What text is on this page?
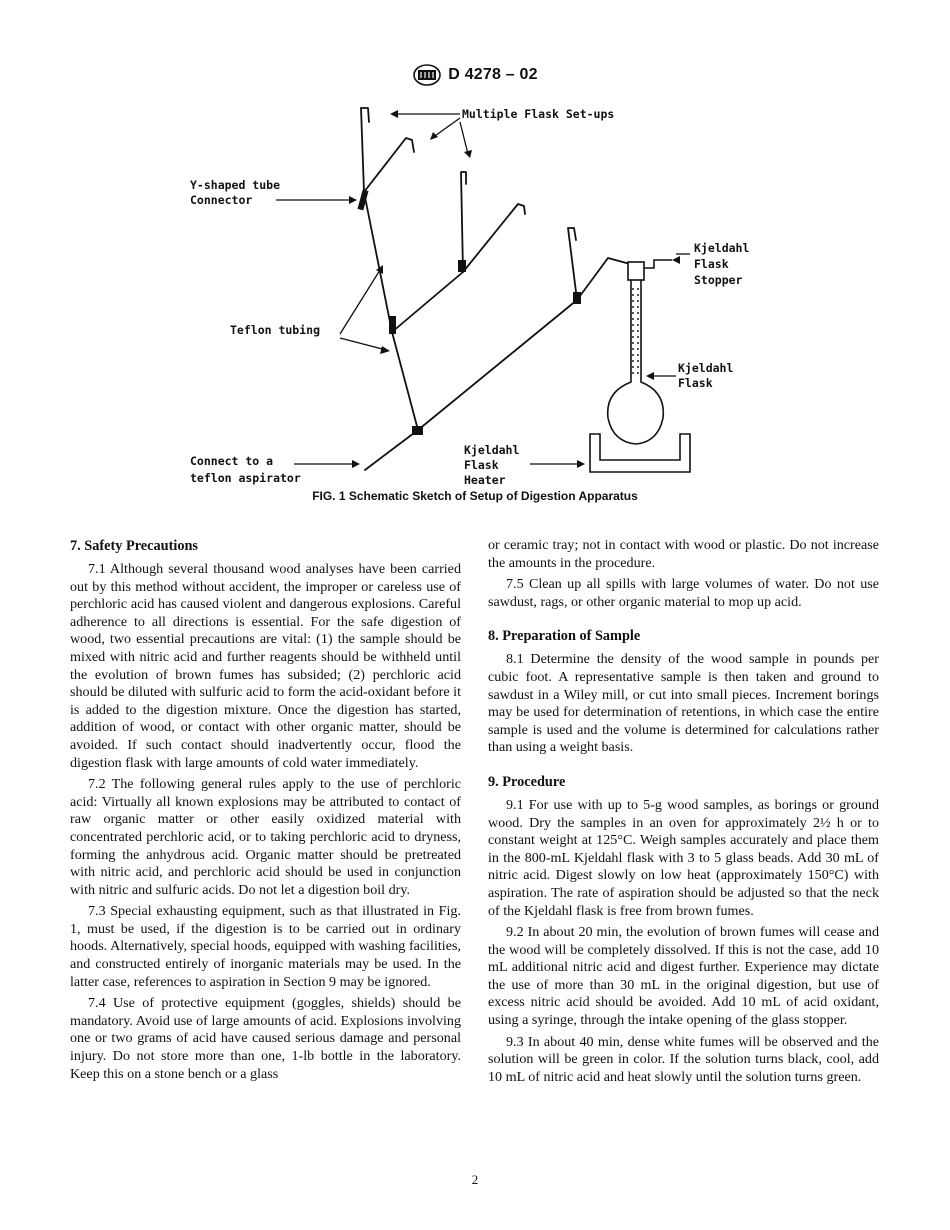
D 4278 – 02
Multiple Flask Set-ups
Y-shaped tube
Connector
Teflon tubing
Kjeldahl
Flask
Stopper
Kjeldahl
Flask
Kjeldahl
Flask
Heater
Connect to a
teflon aspirator
FIG. 1 Schematic Sketch of Setup of Digestion Apparatus
7. Safety Precautions

7.1 Although several thousand wood analyses have been carried out by this method without accident, the improper or careless use of perchloric acid has caused violent and dangerous explosions. Careful adherence to all directions is essential. For the safe digestion of wood, two essential precautions are vital: (1) the sample should be mixed with nitric acid and further reagents should be withheld until the evolution of brown fumes has subsided; (2) perchloric acid should be diluted with sulfuric acid to form the acid-oxidant before it is added to the digestion mixture. Once the digestion has started, addition of wood, or contact with other organic matter, should be avoided. If such contact should inadvertently occur, flood the digestion flask with large amounts of cold water immediately.

7.2 The following general rules apply to the use of perchloric acid: Virtually all known explosions may be attributed to contact of raw organic matter or other easily oxidized material with concentrated perchloric acid, or to taking perchloric acid to dryness, forming the anhydrous acid. Organic matter should be pretreated with nitric acid, and perchloric acid should be used in conjunction with nitric and sulfuric acids. Do not let a digestion boil dry.

7.3 Special exhausting equipment, such as that illustrated in Fig. 1, must be used, if the digestion is to be carried out in ordinary hoods. Alternatively, special hoods, equipped with washing facilities, and constructed entirely of inorganic materials may be used. In the latter case, references to aspiration in Section 9 may be ignored.

7.4 Use of protective equipment (goggles, shields) should be mandatory. Avoid use of large amounts of acid. Explosions involving one or two grams of acid have caused serious damage and personal injury. Do not store more than one, 1-lb bottle in the laboratory. Keep this on a stone bench or a glass

or ceramic tray; not in contact with wood or plastic. Do not increase the amounts in the procedure.

7.5 Clean up all spills with large volumes of water. Do not use sawdust, rags, or other organic material to mop up acid.

8. Preparation of Sample

8.1 Determine the density of the wood sample in pounds per cubic foot. A representative sample is then taken and ground to sawdust in a Wiley mill, or cut into small pieces. Increment borings may be used for determination of retentions, in which case the entire sample is used and the volume is determined for calculations rather than using a weight basis.

9. Procedure

9.1 For use with up to 5-g wood samples, as borings or ground wood. Dry the samples in an oven for approximately 2½ h or to constant weight at 125°C. Weigh samples accurately and place them in the 800-mL Kjeldahl flask with 3 to 5 glass beads. Add 30 mL of nitric acid. Digest slowly on low heat (approximately 150°C) with aspiration. The rate of aspiration should be adjusted so that the neck of the Kjeldahl flask is free from brown fumes.

9.2 In about 20 min, the evolution of brown fumes will cease and the wood will be completely dissolved. If this is not the case, add 10 mL additional nitric acid and digest further. Experience may dictate the use of more than 30 mL in the original digestion, but use of excess nitric acid should be avoided. Add 10 mL of acid oxidant, using a syringe, through the intake opening of the glass stopper.

9.3 In about 40 min, dense white fumes will be observed and the solution will be green in color. If the solution turns black, cool, add 10 mL of nitric acid and heat slowly until the solution turns green.

2
